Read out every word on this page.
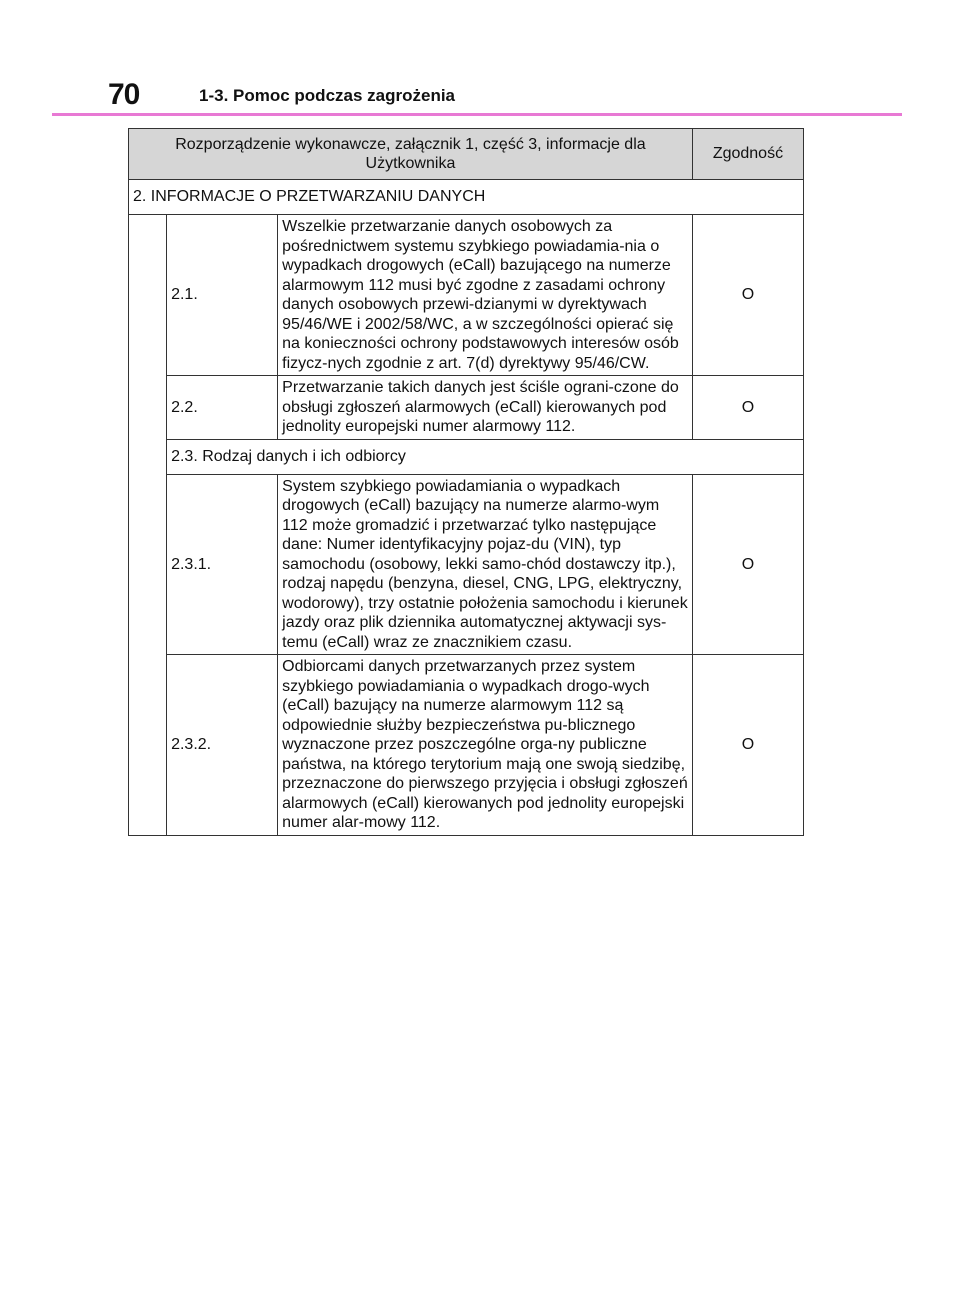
70	1-3. Pomoc podczas zagrożenia
Rozporządzenie wykonawcze, załącznik 1, część 3, informacje dla Użytkownika			Zgodność
2. INFORMACJE O PRZETWARZANIU DANYCH			
	2.1.	Wszelkie przetwarzanie danych osobowych za pośrednictwem systemu szybkiego powiadamia-nia o wypadkach drogowych (eCall) bazującego na numerze alarmowym 112 musi być zgodne z zasadami ochrony danych osobowych przewi-dzianymi w dyrektywach 95/46/WE i 2002/58/WC, a w szczególności opierać się na konieczności ochrony podstawowych interesów osób fizycz-nych zgodnie z art. 7(d) dyrektywy 95/46/CW.	O
	2.2.	Przetwarzanie takich danych jest ściśle ograni-czone do obsługi zgłoszeń alarmowych (eCall) kierowanych pod jednolity europejski numer alarmowy 112.	O
	2.3. Rodzaj danych i ich odbiorcy		
	2.3.1.	System szybkiego powiadamiania o wypadkach drogowych (eCall) bazujący na numerze alarmo-wym 112 może gromadzić i przetwarzać tylko następujące dane: Numer identyfikacyjny pojaz-du (VIN), typ samochodu (osobowy, lekki samo-chód dostawczy itp.), rodzaj napędu (benzyna, diesel, CNG, LPG, elektryczny, wodorowy), trzy ostatnie położenia samochodu i kierunek jazdy oraz plik dziennika automatycznej aktywacji sys-temu (eCall) wraz ze znacznikiem czasu.	O
	2.3.2.	Odbiorcami danych przetwarzanych przez system szybkiego powiadamiania o wypadkach drogo-wych (eCall) bazujący na numerze alarmowym 112 są odpowiednie służby bezpieczeństwa pu-blicznego wyznaczone przez poszczególne orga-ny publiczne państwa, na którego terytorium mają one swoją siedzibę, przeznaczone do pierwszego przyjęcia i obsługi zgłoszeń alarmowych (eCall) kierowanych pod jednolity europejski numer alar-mowy 112.	O
